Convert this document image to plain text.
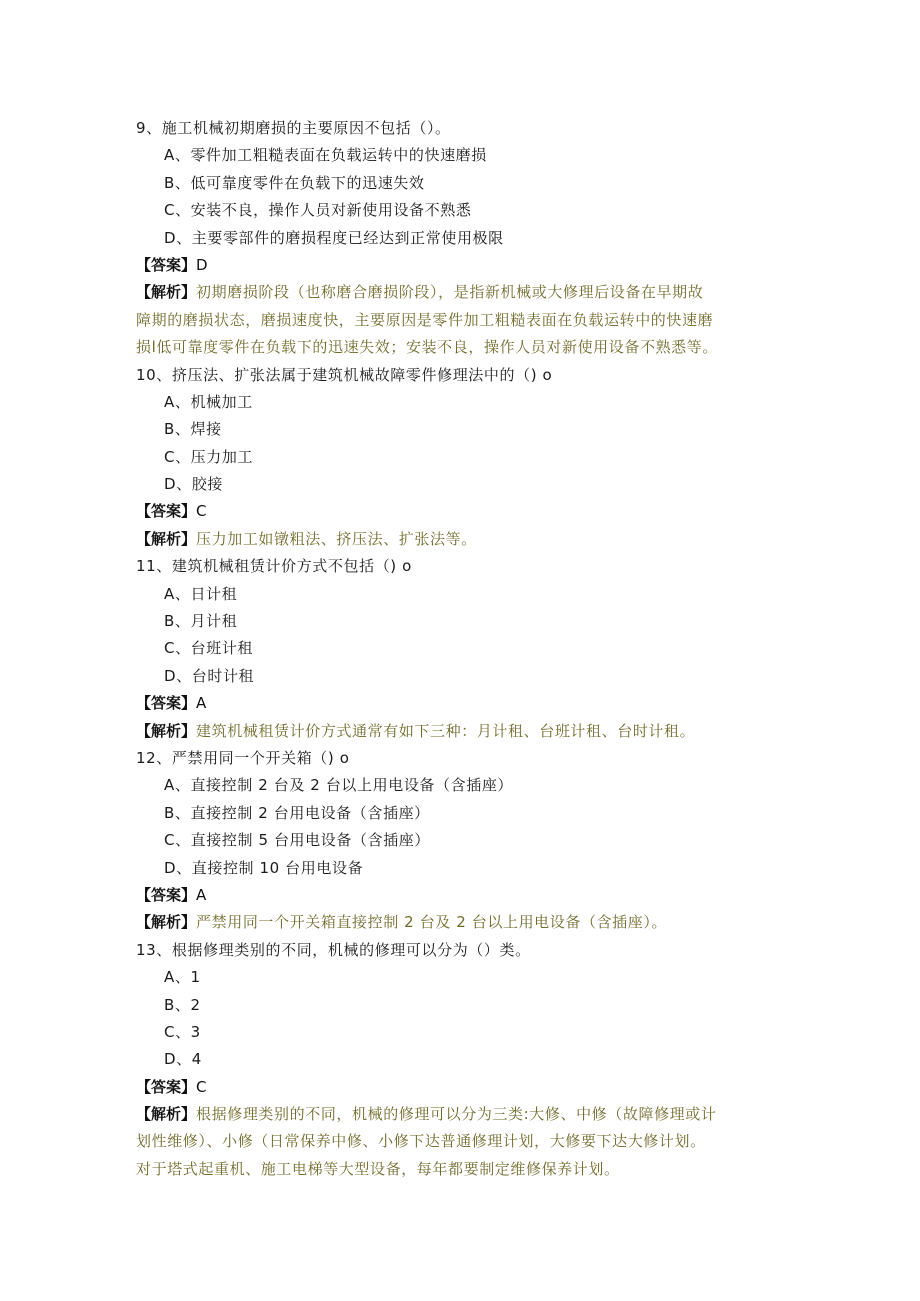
9、施工机械初期磨损的主要原因不包括（）。
A、零件加工粗糙表面在负载运转中的快速磨损
B、低可靠度零件在负载下的迅速失效
C、安装不良，操作人员对新使用设备不熟悉
D、主要零部件的磨损程度已经达到正常使用极限
【答案】D
【解析】初期磨损阶段（也称磨合磨损阶段），是指新机械或大修理后设备在早期故
障期的磨损状态，磨损速度快，主要原因是零件加工粗糙表面在负载运转中的快速磨
损l低可靠度零件在负载下的迅速失效；安装不良，操作人员对新使用设备不熟悉等。
10、挤压法、扩张法属于建筑机械故障零件修理法中的（) o
A、机械加工
B、焊接
C、压力加工
D、胶接
【答案】C
【解析】压力加工如镦粗法、挤压法、扩张法等。
11、建筑机械租赁计价方式不包括（) o
A、日计租
B、月计租
C、台班计租
D、台时计租
【答案】A
【解析】建筑机械租赁计价方式通常有如下三种：月计租、台班计租、台时计租。
12、严禁用同一个开关箱（) o
A、直接控制 2 台及 2 台以上用电设备（含插座）
B、直接控制 2 台用电设备（含插座）
C、直接控制 5 台用电设备（含插座）
D、直接控制 10 台用电设备
【答案】A
【解析】严禁用同一个开关箱直接控制 2 台及 2 台以上用电设备（含插座）。
13、根据修理类别的不同，机械的修理可以分为（）类。
A、1
B、2
C、3
D、4
【答案】C
【解析】根据修理类别的不同，机械的修理可以分为三类:大修、中修（故障修理或计
划性维修）、小修（日常保养中修、小修下达普通修理计划，大修要下达大修计划。
对于塔式起重机、施工电梯等大型设备，每年都要制定维修保养计划。
